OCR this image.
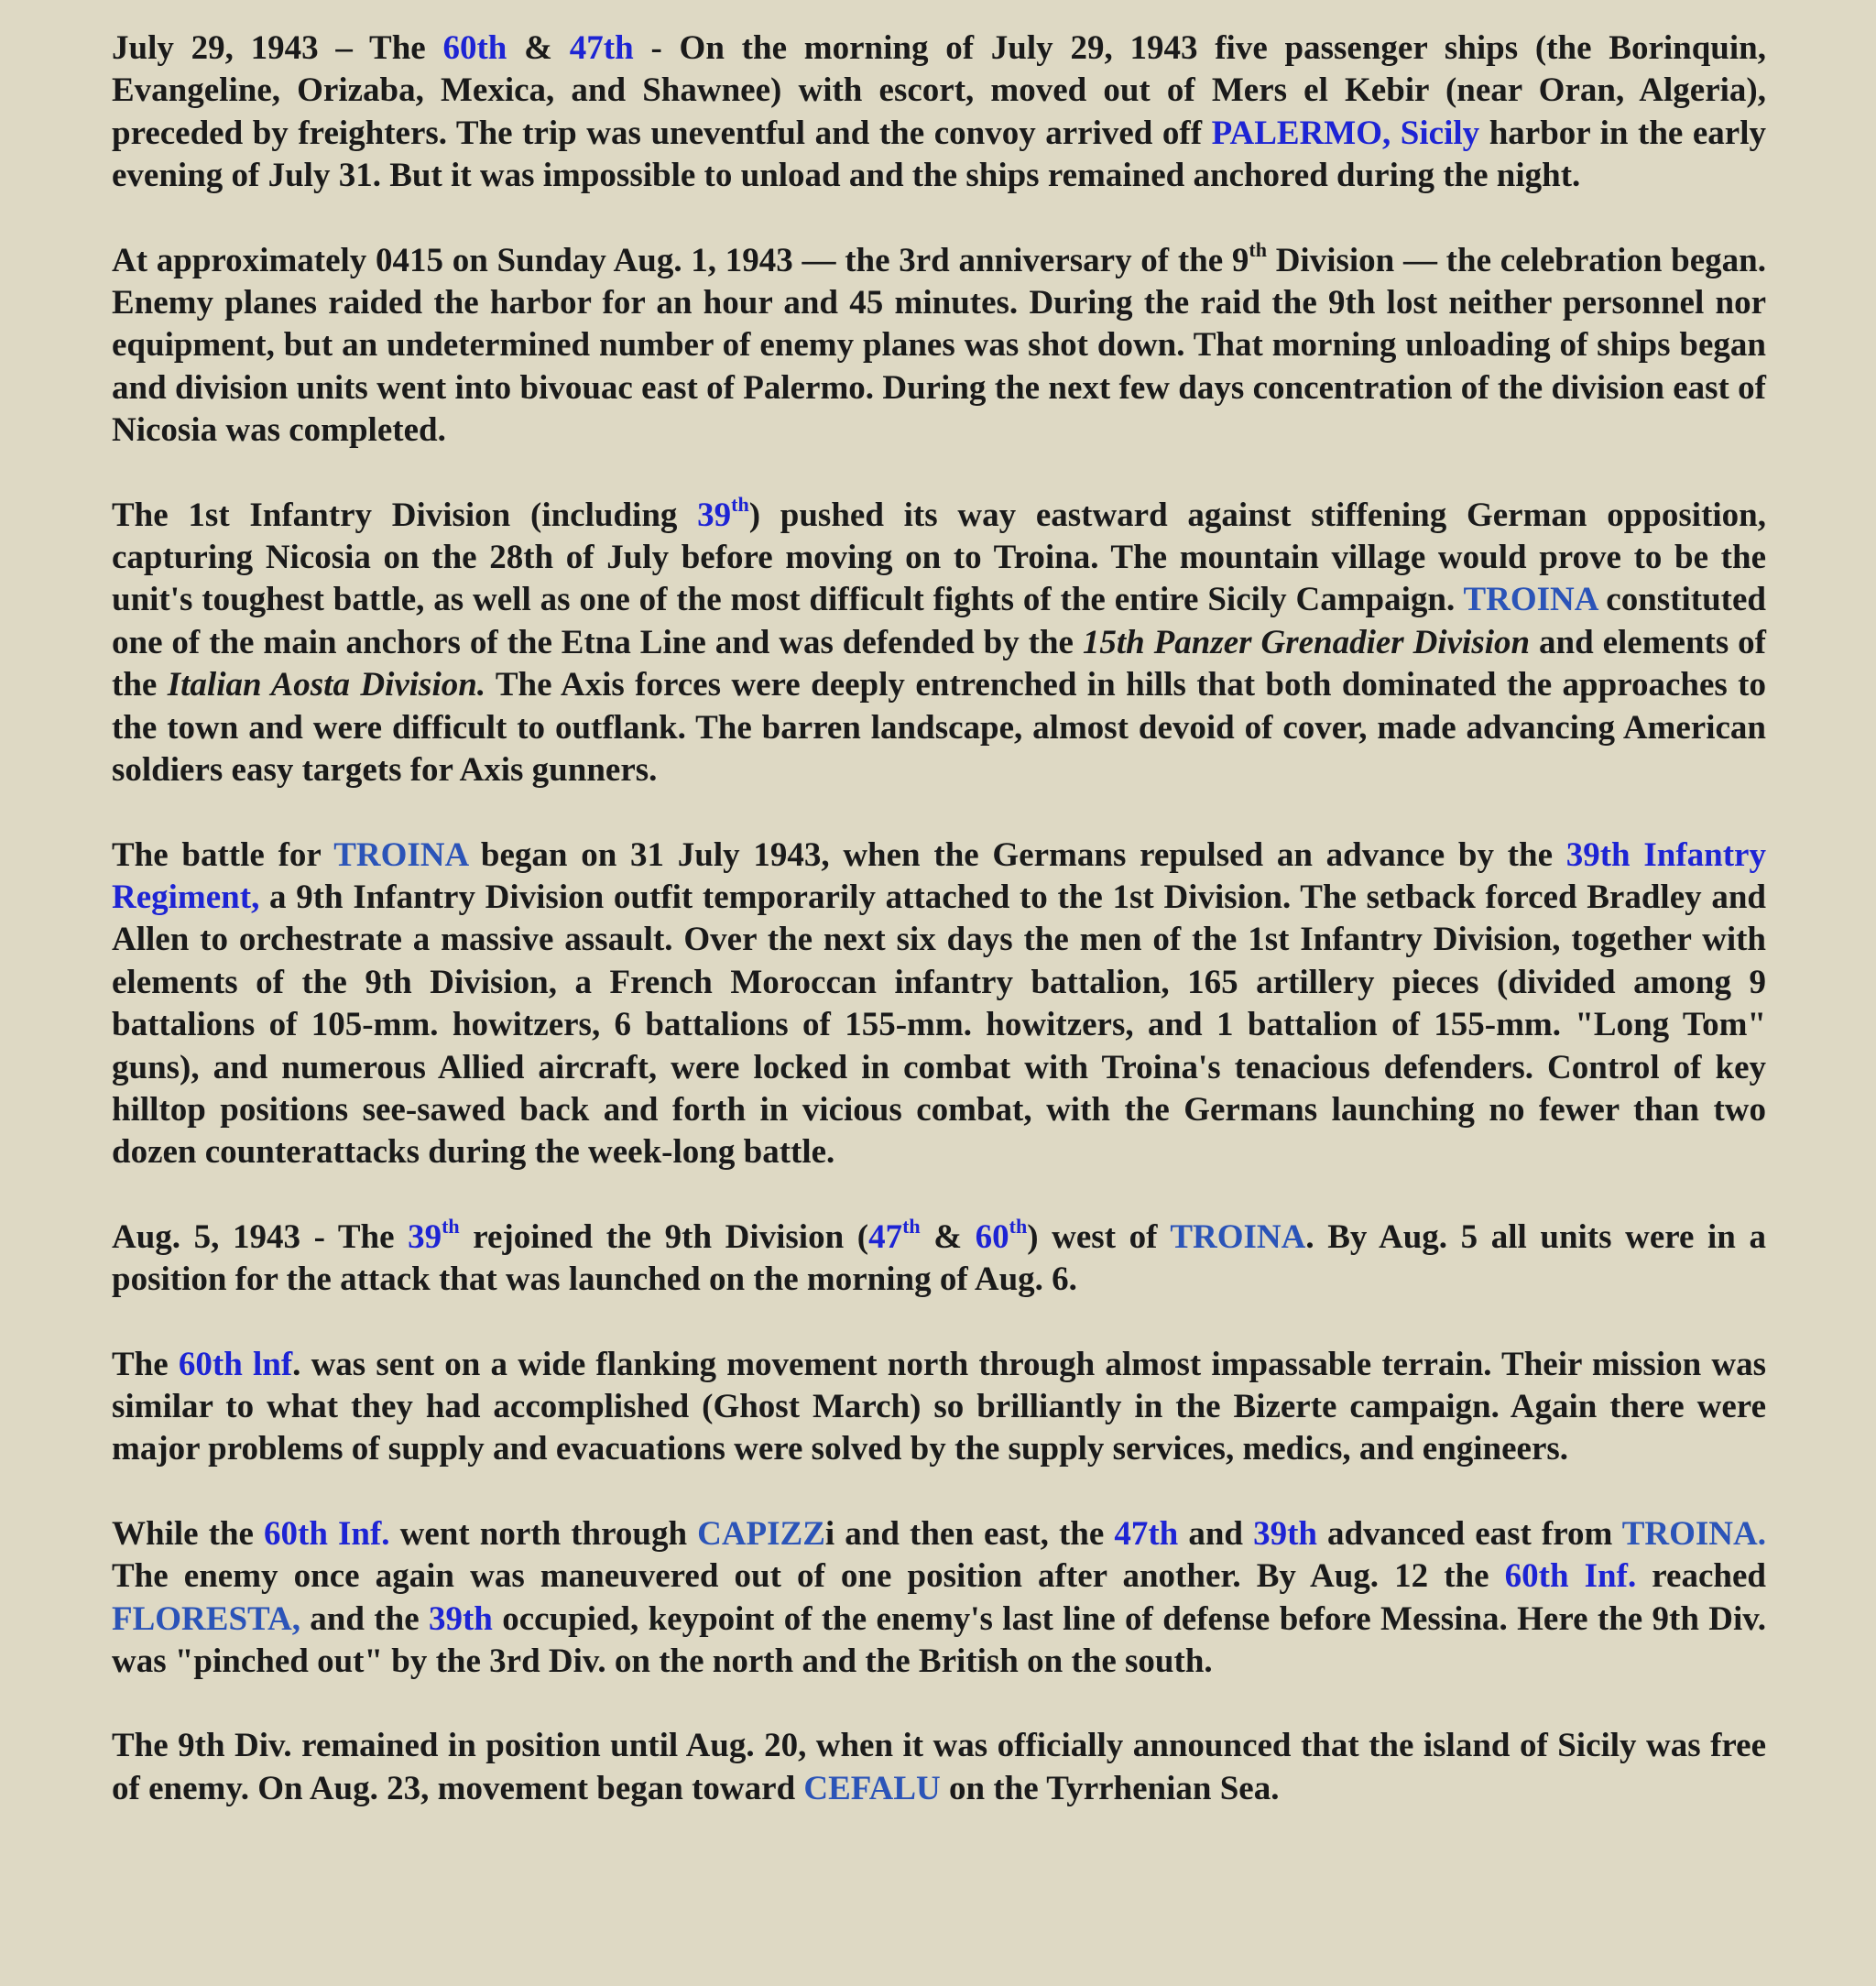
July 29, 1943 – The 60th & 47th - On the morning of July 29, 1943 five passenger ships (the Borinquin, Evangeline, Orizaba, Mexica, and Shawnee) with escort, moved out of Mers el Kebir (near Oran, Algeria), preceded by freighters. The trip was uneventful and the convoy arrived off PALERMO, Sicily harbor in the early evening of July 31. But it was impossible to unload and the ships remained anchored during the night.

At approximately 0415 on Sunday Aug. 1, 1943 — the 3rd anniversary of the 9th Division — the celebration began. Enemy planes raided the harbor for an hour and 45 minutes. During the raid the 9th lost neither personnel nor equipment, but an undetermined number of enemy planes was shot down. That morning unloading of ships began and division units went into bivouac east of Palermo. During the next few days concentration of the division east of Nicosia was completed.

The 1st Infantry Division (including 39th) pushed its way eastward against stiffening German opposition, capturing Nicosia on the 28th of July before moving on to Troina. The mountain village would prove to be the unit's toughest battle, as well as one of the most difficult fights of the entire Sicily Campaign. TROINA constituted one of the main anchors of the Etna Line and was defended by the 15th Panzer Grenadier Division and elements of the Italian Aosta Division. The Axis forces were deeply entrenched in hills that both dominated the approaches to the town and were difficult to outflank. The barren landscape, almost devoid of cover, made advancing American soldiers easy targets for Axis gunners.

The battle for TROINA began on 31 July 1943, when the Germans repulsed an advance by the 39th Infantry Regiment, a 9th Infantry Division outfit temporarily attached to the 1st Division. The setback forced Bradley and Allen to orchestrate a massive assault. Over the next six days the men of the 1st Infantry Division, together with elements of the 9th Division, a French Moroccan infantry battalion, 165 artillery pieces (divided among 9 battalions of 105-mm. howitzers, 6 battalions of 155-mm. howitzers, and 1 battalion of 155-mm. "Long Tom" guns), and numerous Allied aircraft, were locked in combat with Troina's tenacious defenders. Control of key hilltop positions see-sawed back and forth in vicious combat, with the Germans launching no fewer than two dozen counterattacks during the week-long battle.

Aug. 5, 1943 - The 39th rejoined the 9th Division (47th & 60th) west of TROINA. By Aug. 5 all units were in a position for the attack that was launched on the morning of Aug. 6.

The 60th lnf. was sent on a wide flanking movement north through almost impassable terrain. Their mission was similar to what they had accomplished (Ghost March) so brilliantly in the Bizerte campaign. Again there were major problems of supply and evacuations were solved by the supply services, medics, and engineers.

While the 60th Inf. went north through CAPIZZi and then east, the 47th and 39th advanced east from TROINA. The enemy once again was maneuvered out of one position after another. By Aug. 12 the 60th Inf. reached FLORESTA, and the 39th occupied, keypoint of the enemy's last line of defense before Messina. Here the 9th Div. was "pinched out" by the 3rd Div. on the north and the British on the south.

The 9th Div. remained in position until Aug. 20, when it was officially announced that the island of Sicily was free of enemy. On Aug. 23, movement began toward CEFALU on the Tyrrhenian Sea.
